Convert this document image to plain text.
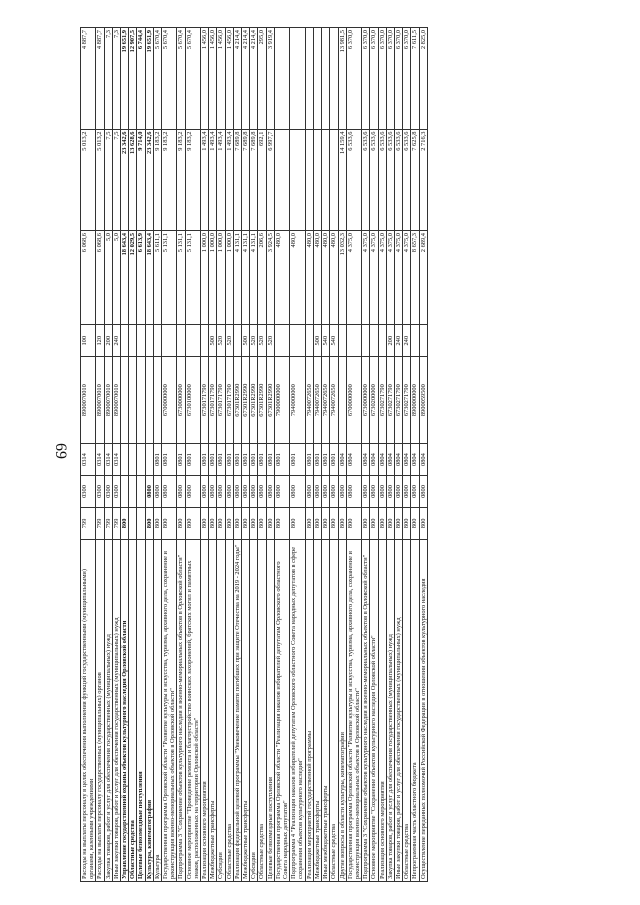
69
Расходы на выплаты персоналу в целях обеспечения выполнения функций государственными (муниципальными) органами, казенными учреждениями	799	0300	0314	8900070010	100	6 068,6	5 013,2	4 887,7
Расходы на выплаты персоналу государственных (муниципальных) органов	799	0300	0314	8900070010	120	6 068,6	5 013,2	4 887,7
Закупка товаров, работ и услуг для обеспечения государственных (муниципальных) нужд	799	0300	0314	8900070010	200	5,0	7,5	7,3
Иные закупки товаров, работ и услуг для обеспечения государственных (муниципальных) нужд	799	0300	0314	8900070010	240	5,0	7,5	7,3
Управление государственной охраны объектов культурного наследия Орловской области	800					18 643,4	23 342,6	19 651,9
Областные средства						12 029,5	13 628,6	12 907,5
Целевые безвозмездные поступления						6 613,9	9 714,0	6 744,4
Культура, кинематография	800	0800				18 643,4	23 342,6	19 651,9
Культура	800	0800	0801			5 611,1	9 183,2	5 670,4
Государственная программа Орловской области "Развитие культуры и искусства, туризма, архивного дела, сохранение и реконструкция военно-мемориальных объектов в Орловской области"	800	0800	0801	6700000000		5 131,1	9 183,2	5 670,4
Подпрограмма 3 "Сохранение объектов культурного наследия и военно-мемориальных объектов в Орловской области"	800	0800	0801	6730000000		5 131,1	9 183,2	5 670,4
Основное мероприятие "Проведение ремонта и благоустройство воинских захоронений, братских могил и памятных знаков, расположенных на территории Орловской области"	800	0800	0801	6730100000		5 131,1	9 183,2	5 670,4
Реализация основного мероприятия	800	0800	0801	6730171790		1 000,0	1 493,4	1 456,0
Межбюджетные трансферты	800	0800	0801	6730171790	500	1 000,0	1 493,4	1 456,0
Субсидии	800	0800	0801	6730171790	520	1 000,0	1 493,4	1 456,0
Областные средства	800	0800	0801	6730171790	520	1 000,0	1 493,4	1 456,0
Реализация федеральной целевой программы "Увековечение памяти погибших при защите Отечества на 2019 - 2024 годы"	800	0800	0801	67301R2990		4 131,1	7 689,8	4 214,4
Межбюджетные трансферты	800	0800	0801	67301R2990	500	4 131,1	7 689,8	4 214,4
Субсидии	800	0800	0801	67301R2990	520	4 131,1	7 689,8	4 214,4
Областные средства	800	0800	0801	67301R2990	520	206,6	692,1	295,0
Целевые безвозмездные поступления	800	0800	0801	67301R2990	520	3 924,5	6 997,7	3 919,4
Государственная программа Орловской области "Реализация наказов избирателей депутатам Орловского областного Совета народных депутатов"	800	0800	0801	7900000000		480,0		
Подпрограмма 4 "Реализация наказов избирателей депутатам Орловского областного Совета народных депутатов в сфере сохранения объектов культурного наследия"	800	0800	0801	7940000000		480,0		
Реализация мероприятий государственной программы	800	0800	0801	7940072650		480,0		
Межбюджетные трансферты	800	0800	0801	7940072650	500	480,0		
Иные межбюджетные трансферты	800	0800	0801	7940072650	540	480,0		
Областные средства	800	0800	0801	7940072650	540	480,0		
Другие вопросы в области культуры, кинематографии	800	0800	0804			13 032,3	14 159,4	13 981,5
Государственная программа Орловской области "Развитие культуры и искусства, туризма, архивного дела, сохранение и реконструкция военно-мемориальных объектов в Орловской области"	800	0800	0804	6700000000		4 375,0	6 533,6	6 370,0
Подпрограмма 3 "Сохранение объектов культурного наследия и военно-мемориальных объектов в Орловской области"	800	0800	0804	6730000000		4 375,0	6 533,6	6 370,0
Основное мероприятие "Сохранение объектов культурного наследия Орловской области"	800	0800	0804	6730200000		4 375,0	6 533,6	6 370,0
Реализация основного мероприятия	800	0800	0804	6730271790		4 375,0	6 533,6	6 370,0
Закупка товаров, работ и услуг для обеспечения государственных (муниципальных) нужд	800	0800	0804	6730271790	200	4 375,0	6 533,6	6 370,0
Иные закупки товаров, работ и услуг для обеспечения государственных (муниципальных) нужд	800	0800	0804	6730271790	240	4 375,0	6 533,6	6 370,0
Областные средства	800	0800	0804	6730271790	240	4 375,0	6 533,6	6 370,0
Непрограммная часть областного бюджета	800	0800	0804	8900000000		8 657,3	7 625,8	7 611,5
Осуществление переданных полномочий Российской Федерации в отношении объектов культурного наследия	800	0800	0804	8900059500		2 689,4	2 716,3	2 825,0
